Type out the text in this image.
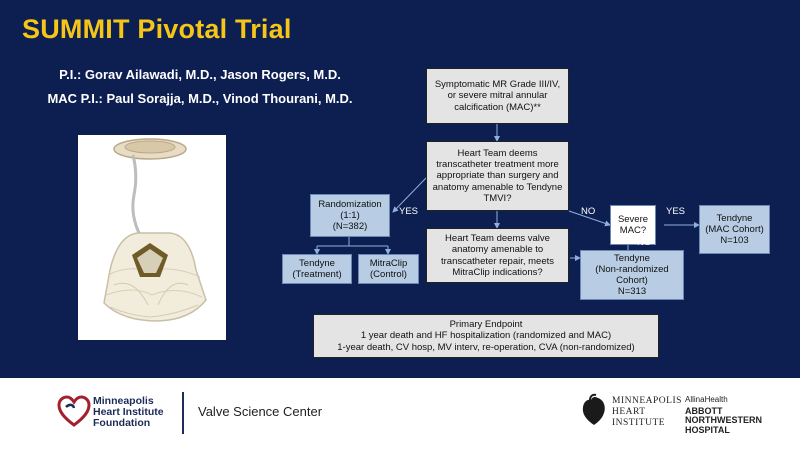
SUMMIT Pivotal Trial
P.I.: Gorav Ailawadi, M.D., Jason Rogers, M.D.
MAC P.I.: Paul Sorajja, M.D., Vinod Thourani, M.D.
Symptomatic MR Grade III/IV, or severe mitral annular calcification (MAC)**
Heart Team deems transcatheter treatment more appropriate than surgery and anatomy amenable to Tendyne TMVI?
Randomization
(1:1)
(N=382)
YES
Tendyne
(Treatment)
MitraClip
(Control)
Heart Team deems valve anatomy amenable to transcatheter repair, meets MitraClip indications?
NO
Severe
MAC?
YES
NO
Tendyne
(MAC Cohort)
N=103
Tendyne
(Non-randomized
Cohort)
N=313
Primary Endpoint
1 year death and HF hospitalization (randomized and MAC)
1-year death, CV hosp, MV interv, re-operation, CVA (non-randomized)
Minneapolis
Heart Institute
Foundation
Valve Science Center
MINNEAPOLIS
HEART
INSTITUTE
AllinaHealth
ABBOTT
NORTHWESTERN
HOSPITAL
